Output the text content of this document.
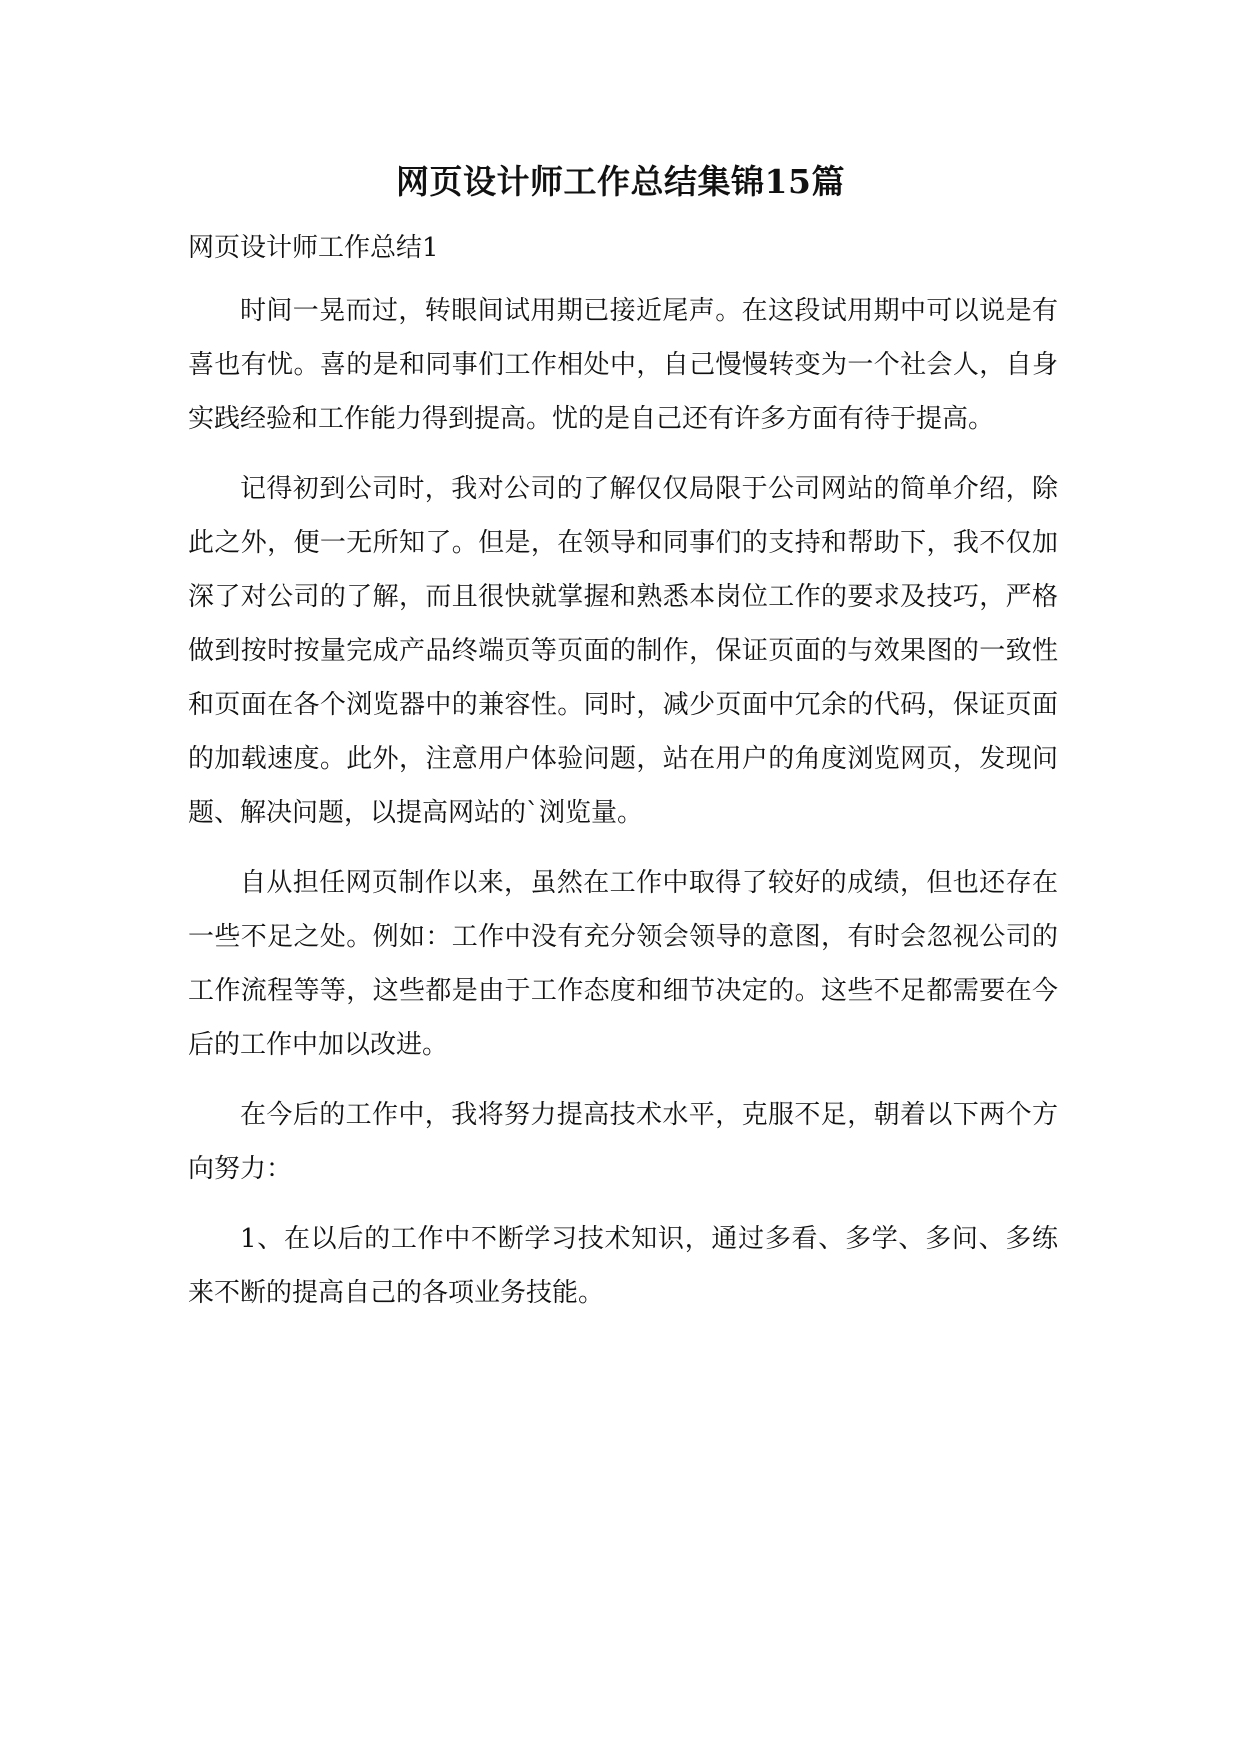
网页设计师工作总结集锦15篇
网页设计师工作总结1

时间一晃而过，转眼间试用期已接近尾声。在这段试用期中可以说是有喜也有忧。喜的是和同事们工作相处中，自己慢慢转变为一个社会人，自身实践经验和工作能力得到提高。忧的是自己还有许多方面有待于提高。

记得初到公司时，我对公司的了解仅仅局限于公司网站的简单介绍，除此之外，便一无所知了。但是，在领导和同事们的支持和帮助下，我不仅加深了对公司的了解，而且很快就掌握和熟悉本岗位工作的要求及技巧，严格做到按时按量完成产品终端页等页面的制作，保证页面的与效果图的一致性和页面在各个浏览器中的兼容性。同时，减少页面中冗余的代码，保证页面的加载速度。此外，注意用户体验问题，站在用户的角度浏览网页，发现问题、解决问题，以提高网站的`浏览量。

自从担任网页制作以来，虽然在工作中取得了较好的成绩，但也还存在一些不足之处。例如：工作中没有充分领会领导的意图，有时会忽视公司的工作流程等等，这些都是由于工作态度和细节决定的。这些不足都需要在今后的工作中加以改进。

在今后的工作中，我将努力提高技术水平，克服不足，朝着以下两个方向努力：

1、在以后的工作中不断学习技术知识，通过多看、多学、多问、多练来不断的提高自己的各项业务技能。
